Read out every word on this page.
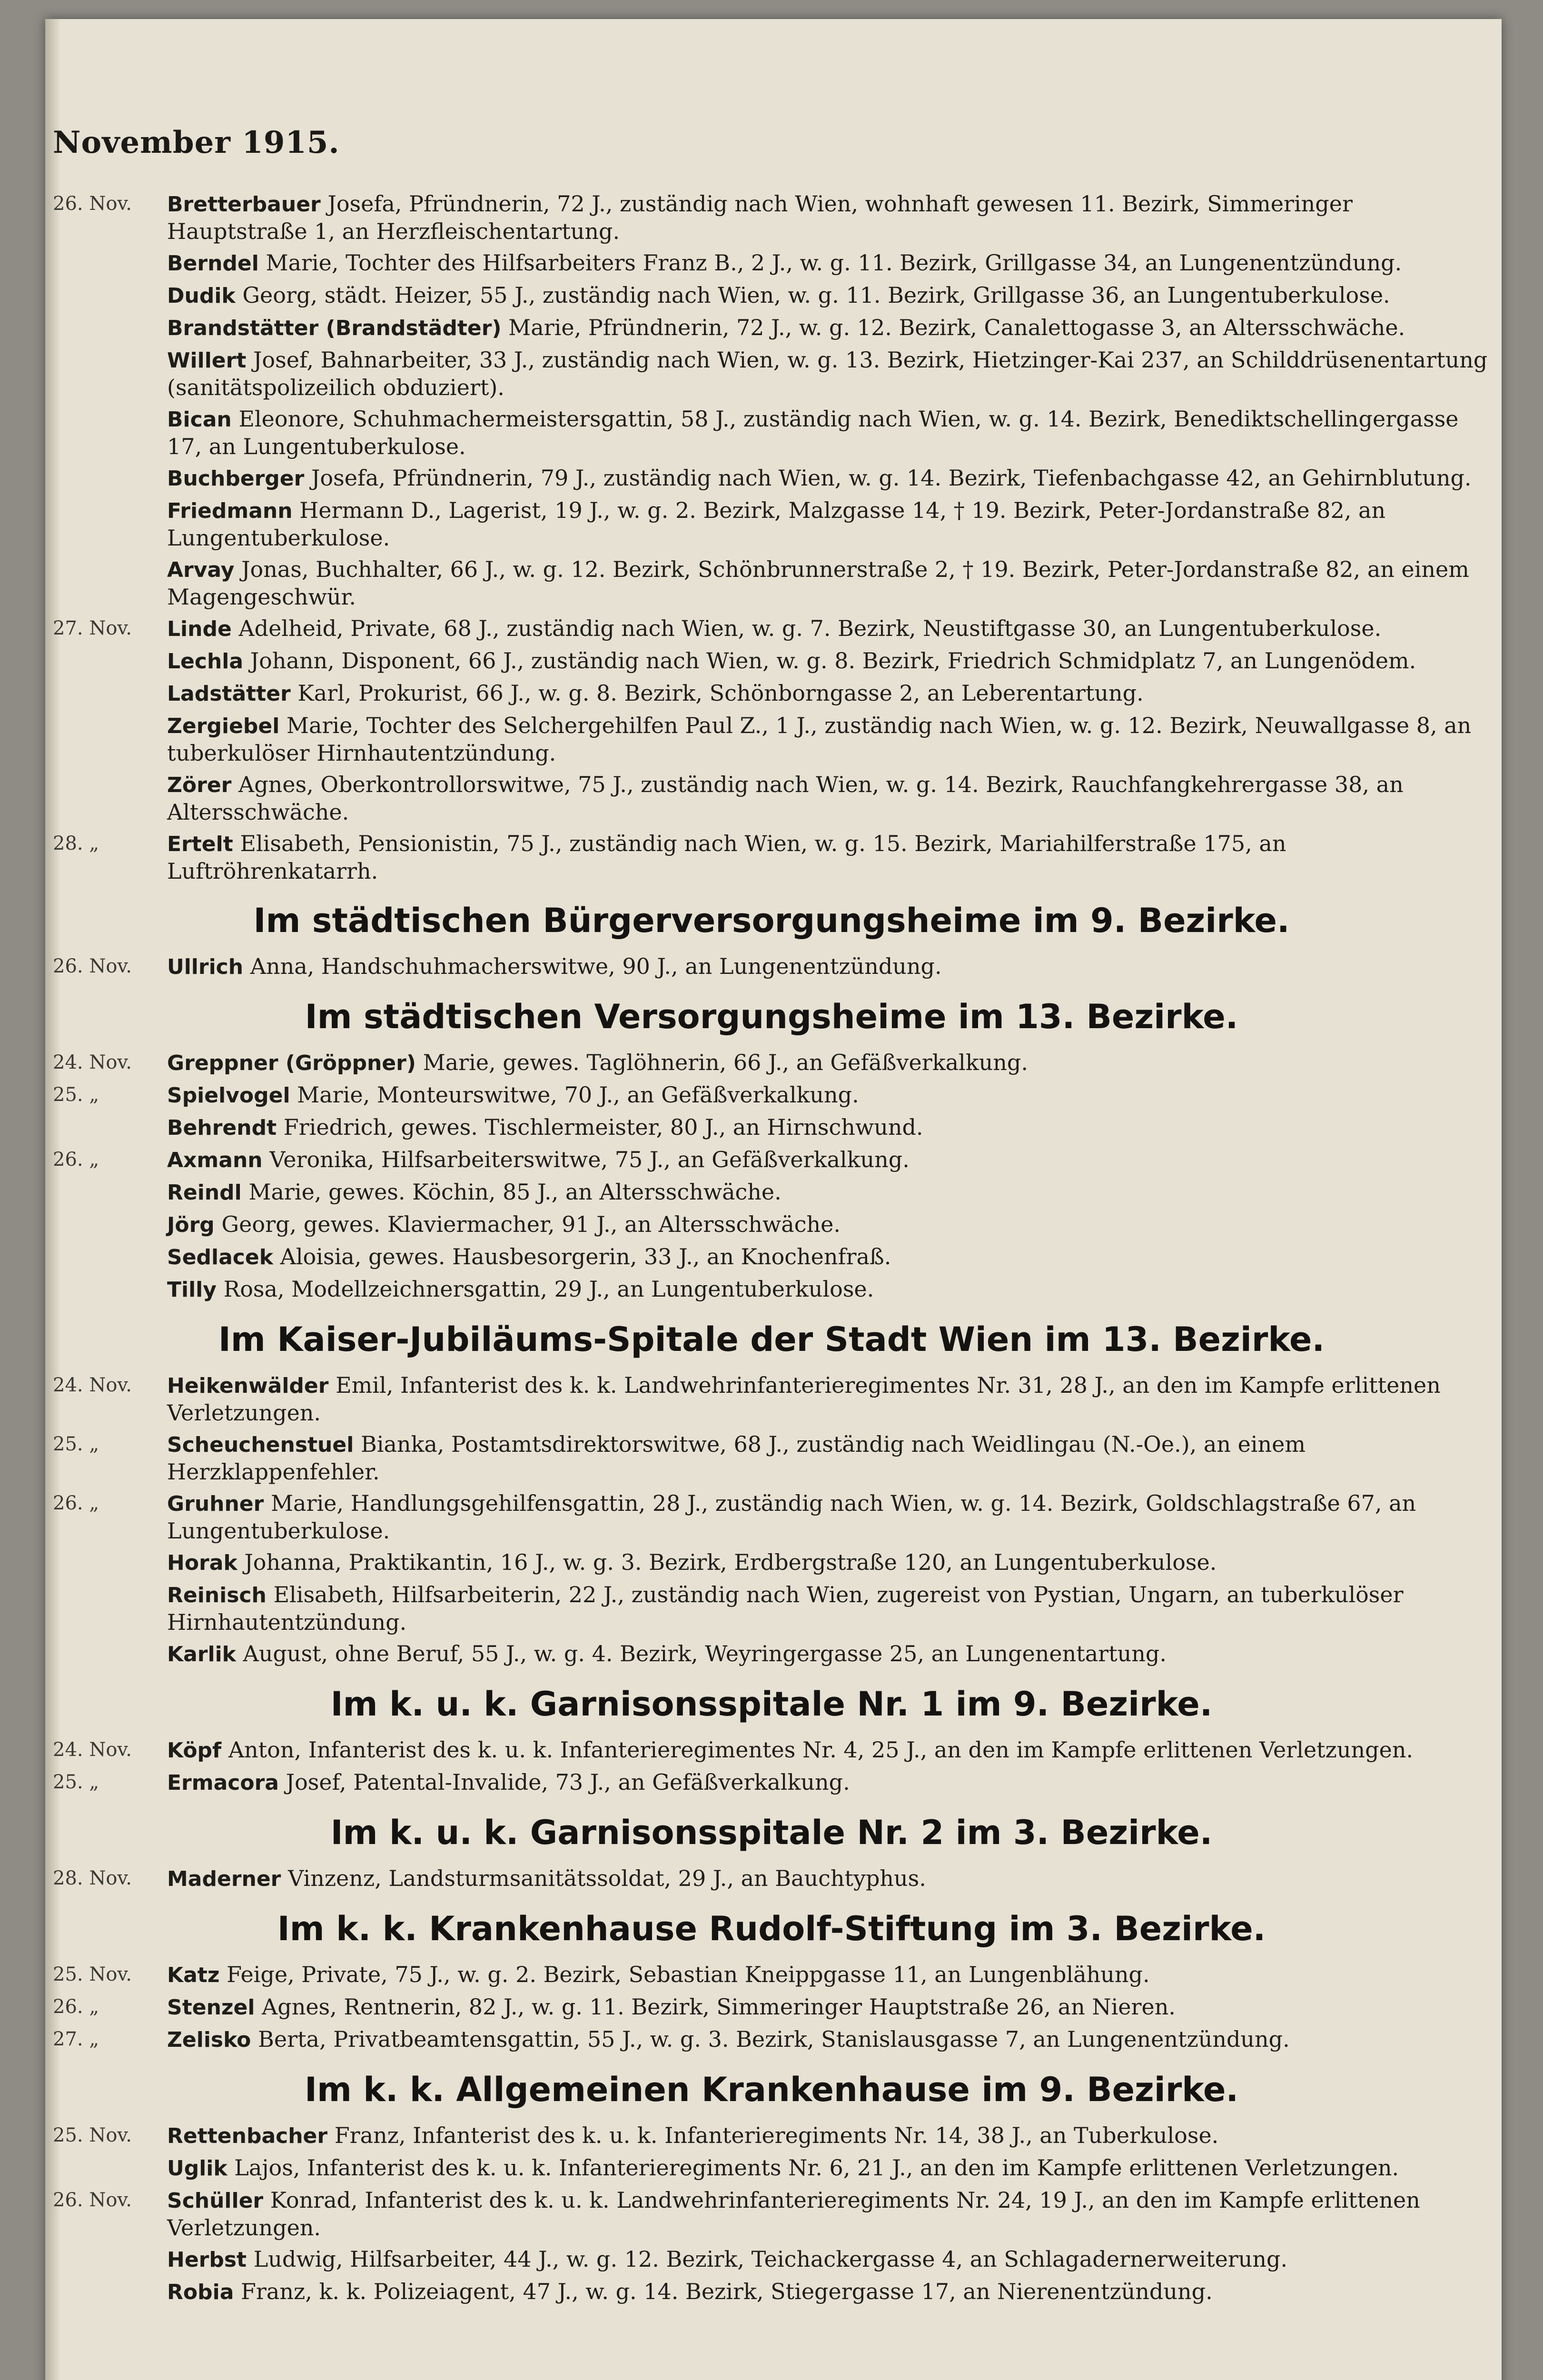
November 1915.
26. Nov.	Bretterbauer Josefa, Pfründnerin, 72 J., zuständig nach Wien, wohnhaft gewesen 11. Bezirk, Simmeringer Hauptstraße 1, an Herzfleischentartung.
Berndel Marie, Tochter des Hilfsarbeiters Franz B., 2 J., w. g. 11. Bezirk, Grillgasse 34, an Lungenentzündung.
Dudik Georg, städt. Heizer, 55 J., zuständig nach Wien, w. g. 11. Bezirk, Grillgasse 36, an Lungentuberkulose.
Brandstätter (Brandstädter) Marie, Pfründnerin, 72 J., w. g. 12. Bezirk, Canalettogasse 3, an Altersschwäche.
Willert Josef, Bahnarbeiter, 33 J., zuständig nach Wien, w. g. 13. Bezirk, Hietzinger-Kai 237, an Schilddrüsenentartung (sanitätspolizeilich obduziert).
Bican Eleonore, Schuhmachermeistersgattin, 58 J., zuständig nach Wien, w. g. 14. Bezirk, Benediktschellingergasse 17, an Lungentuberkulose.
Buchberger Josefa, Pfründnerin, 79 J., zuständig nach Wien, w. g. 14. Bezirk, Tiefenbachgasse 42, an Gehirnblutung.
Friedmann Hermann D., Lagerist, 19 J., w. g. 2. Bezirk, Malzgasse 14, † 19. Bezirk, Peter-Jordanstraße 82, an Lungentuberkulose.
Arvay Jonas, Buchhalter, 66 J., w. g. 12. Bezirk, Schönbrunnerstraße 2, † 19. Bezirk, Peter-Jordanstraße 82, an einem Magengeschwür.
27. Nov.	Linde Adelheid, Private, 68 J., zuständig nach Wien, w. g. 7. Bezirk, Neustiftgasse 30, an Lungentuberkulose.
Lechla Johann, Disponent, 66 J., zuständig nach Wien, w. g. 8. Bezirk, Friedrich Schmidplatz 7, an Lungenödem.
Ladstätter Karl, Prokurist, 66 J., w. g. 8. Bezirk, Schönborngasse 2, an Leberentartung.
Zergiebel Marie, Tochter des Selchergehilfen Paul Z., 1 J., zuständig nach Wien, w. g. 12. Bezirk, Neuwallgasse 8, an tuberkulöser Hirnhautentzündung.
Zörer Agnes, Oberkontrollorswitwe, 75 J., zuständig nach Wien, w. g. 14. Bezirk, Rauchfangkehrergasse 38, an Altersschwäche.
28. „	Ertelt Elisabeth, Pensionistin, 75 J., zuständig nach Wien, w. g. 15. Bezirk, Mariahilferstraße 175, an Luftröhrenkatarrh.
Im städtischen Bürgerversorgungsheime im 9. Bezirke.
26. Nov.	Ullrich Anna, Handschuhmacherswitwe, 90 J., an Lungenentzündung.
Im städtischen Versorgungsheime im 13. Bezirke.
24. Nov.	Greppner (Gröppner) Marie, gewes. Taglöhnerin, 66 J., an Gefäßverkalkung.
25. „	Spielvogel Marie, Monteurswitwe, 70 J., an Gefäßverkalkung.
Behrendt Friedrich, gewes. Tischlermeister, 80 J., an Hirnschwund.
26. „	Axmann Veronika, Hilfsarbeiterswitwe, 75 J., an Gefäßverkalkung.
Reindl Marie, gewes. Köchin, 85 J., an Altersschwäche.
Jörg Georg, gewes. Klaviermacher, 91 J., an Altersschwäche.
Sedlacek Aloisia, gewes. Hausbesorgerin, 33 J., an Knochenfraß.
Tilly Rosa, Modellzeichnersgattin, 29 J., an Lungentuberkulose.
Im Kaiser-Jubiläums-Spitale der Stadt Wien im 13. Bezirke.
24. Nov.	Heikenwälder Emil, Infanterist des k. k. Landwehrinfanterieregimentes Nr. 31, 28 J., an den im Kampfe erlittenen Verletzungen.
25. „	Scheuchenstuel Bianka, Postamtsdirektorswitwe, 68 J., zuständig nach Weidlingau (N.-Oe.), an einem Herzklappenfehler.
26. „	Gruhner Marie, Handlungsgehilfensgattin, 28 J., zuständig nach Wien, w. g. 14. Bezirk, Goldschlagstraße 67, an Lungentuberkulose.
Horak Johanna, Praktikantin, 16 J., w. g. 3. Bezirk, Erdbergstraße 120, an Lungentuberkulose.
Reinisch Elisabeth, Hilfsarbeiterin, 22 J., zuständig nach Wien, zugereist von Pystian, Ungarn, an tuberkulöser Hirnhautentzündung.
Karlik August, ohne Beruf, 55 J., w. g. 4. Bezirk, Weyringergasse 25, an Lungenentartung.
Im k. u. k. Garnisonsspitale Nr. 1 im 9. Bezirke.
24. Nov.	Köpf Anton, Infanterist des k. u. k. Infanterieregimentes Nr. 4, 25 J., an den im Kampfe erlittenen Verletzungen.
25. „	Ermacora Josef, Patental-Invalide, 73 J., an Gefäßverkalkung.
Im k. u. k. Garnisonsspitale Nr. 2 im 3. Bezirke.
28. Nov.	Maderner Vinzenz, Landsturmsanitätssoldat, 29 J., an Bauchtyphus.
Im k. k. Krankenhause Rudolf-Stiftung im 3. Bezirke.
25. Nov.	Katz Feige, Private, 75 J., w. g. 2. Bezirk, Sebastian Kneippgasse 11, an Lungenblähung.
26. „	Stenzel Agnes, Rentnerin, 82 J., w. g. 11. Bezirk, Simmeringer Hauptstraße 26, an Nieren.
27. „	Zelisko Berta, Privatbeamtensgattin, 55 J., w. g. 3. Bezirk, Stanislausgasse 7, an Lungenentzündung.
Im k. k. Allgemeinen Krankenhause im 9. Bezirke.
25. Nov.	Rettenbacher Franz, Infanterist des k. u. k. Infanterieregiments Nr. 14, 38 J., an Tuberkulose.
Uglik Lajos, Infanterist des k. u. k. Infanterieregiments Nr. 6, 21 J., an den im Kampfe erlittenen Verletzungen.
26. Nov.	Schüller Konrad, Infanterist des k. u. k. Landwehrinfanterieregiments Nr. 24, 19 J., an den im Kampfe erlittenen Verletzungen.
Herbst Ludwig, Hilfsarbeiter, 44 J., w. g. 12. Bezirk, Teichackergasse 4, an Schlagadernerweiterung.
Robia Franz, k. k. Polizeiagent, 47 J., w. g. 14. Bezirk, Stiegergasse 17, an Nierenentzündung.
